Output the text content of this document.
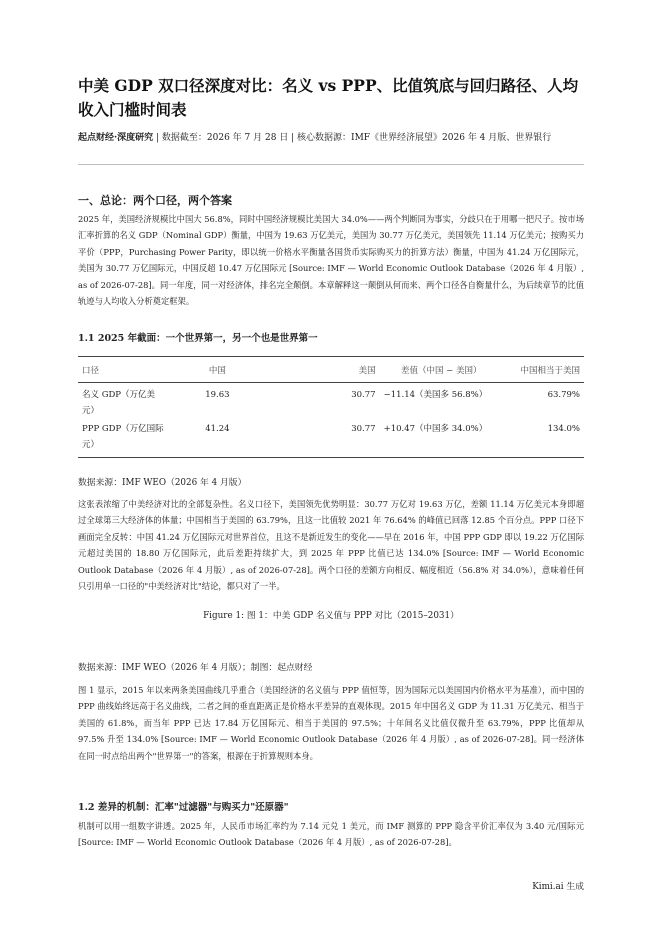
中美 GDP 双口径深度对比：名义 vs PPP、比值筑底与回归路径、人均收入门槛时间表
起点财经·深度研究 | 数据截至：2026 年 7 月 28 日 | 核心数据源：IMF《世界经济展望》2026 年 4 月版、世界银行
一、总论：两个口径，两个答案

2025 年，美国经济规模比中国大 56.8%，同时中国经济规模比美国大 34.0%——两个判断同为事实，分歧只在于用哪一把尺子。按市场汇率折算的名义 GDP（Nominal GDP）衡量，中国为 19.63 万亿美元，美国为 30.77 万亿美元，美国领先 11.14 万亿美元；按购买力平价（PPP，Purchasing Power Parity，即以统一价格水平衡量各国货币实际购买力的折算方法）衡量，中国为 41.24 万亿国际元，美国为 30.77 万亿国际元，中国反超 10.47 万亿国际元 [Source: IMF — World Economic Outlook Database（2026 年 4 月版）, as of 2026-07-28]。同一年度，同一对经济体，排名完全颠倒。本章解释这一颠倒从何而来、两个口径各自衡量什么，为后续章节的比值轨迹与人均收入分析奠定框架。

1.1 2025 年截面：一个世界第一，另一个也是世界第一
口径	中国	美国	差值（中国 − 美国）	中国相当于美国
名义 GDP（万亿美元）	19.63	30.77	−11.14（美国多 56.8%）	63.79%
PPP GDP（万亿国际元）	41.24	30.77	+10.47（中国多 34.0%）	134.0%
数据来源：IMF WEO（2026 年 4 月版）

这张表浓缩了中美经济对比的全部复杂性。名义口径下，美国领先优势明显：30.77 万亿对 19.63 万亿，差额 11.14 万亿美元本身即超过全球第三大经济体的体量；中国相当于美国的 63.79%，且这一比值较 2021 年 76.64% 的峰值已回落 12.85 个百分点。PPP 口径下画面完全反转：中国 41.24 万亿国际元对世界首位，且这不是新近发生的变化——早在 2016 年，中国 PPP GDP 即以 19.22 万亿国际元超过美国的 18.80 万亿国际元，此后差距持续扩大，到 2025 年 PPP 比值已达 134.0% [Source: IMF — World Economic Outlook Database（2026 年 4 月版）, as of 2026-07-28]。两个口径的差额方向相反、幅度相近（56.8% 对 34.0%），意味着任何只引用单一口径的"中美经济对比"结论，都只对了一半。

Figure 1: 图 1：中美 GDP 名义值与 PPP 对比（2015–2031）
数据来源：IMF WEO（2026 年 4 月版）；制图：起点财经

图 1 显示，2015 年以来两条美国曲线几乎重合（美国经济的名义值与 PPP 值恒等，因为国际元以美国国内价格水平为基准），而中国的 PPP 曲线始终远高于名义曲线，二者之间的垂直距离正是价格水平差异的直观体现。2015 年中国名义 GDP 为 11.31 万亿美元、相当于美国的 61.8%，而当年 PPP 已达 17.84 万亿国际元、相当于美国的 97.5%；十年间名义比值仅微升至 63.79%，PPP 比值却从 97.5% 升至 134.0% [Source: IMF — World Economic Outlook Database（2026 年 4 月版）, as of 2026-07-28]。同一经济体在同一时点给出两个"世界第一"的答案，根源在于折算规则本身。

1.2 差异的机制：汇率"过滤器"与购买力"还原器"

机制可以用一组数字讲透。2025 年，人民币市场汇率约为 7.14 元兑 1 美元，而 IMF 测算的 PPP 隐含平价汇率仅为 3.40 元/国际元 [Source: IMF — World Economic Outlook Database（2026 年 4 月版）, as of 2026-07-28]。

Kimi.ai 生成
